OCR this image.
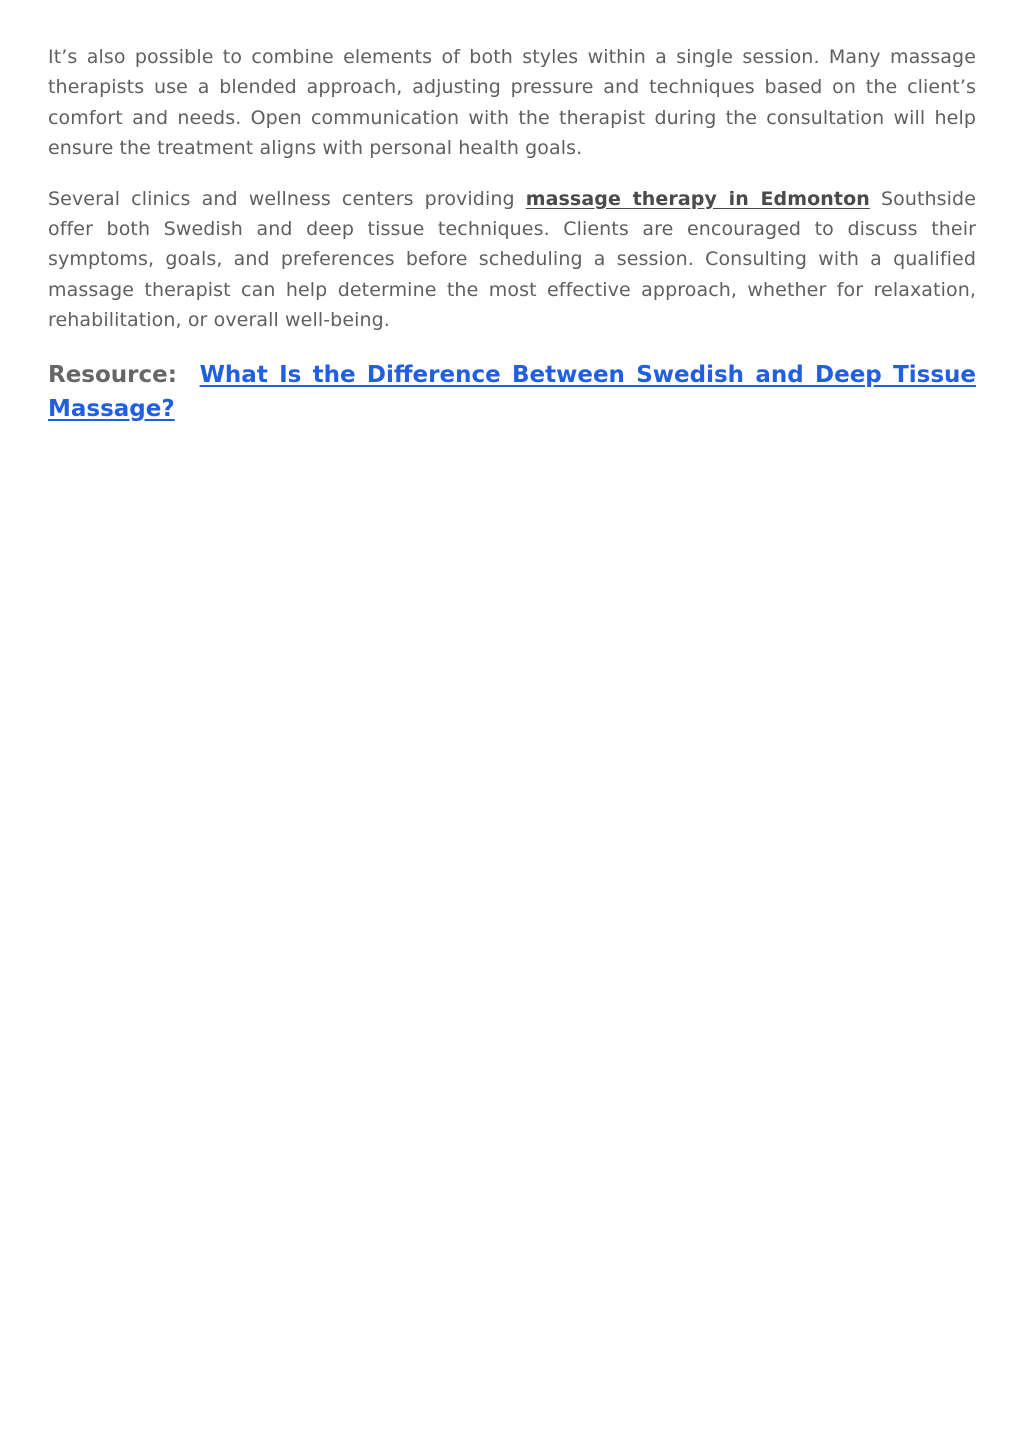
It’s also possible to combine elements of both styles within a single session. Many massage therapists use a blended approach, adjusting pressure and techniques based on the client’s comfort and needs. Open communication with the therapist during the consultation will help ensure the treatment aligns with personal health goals.

Several clinics and wellness centers providing massage therapy in Edmonton Southside offer both Swedish and deep tissue techniques. Clients are encouraged to discuss their symptoms, goals, and preferences before scheduling a session. Consulting with a qualified massage therapist can help determine the most effective approach, whether for relaxation, rehabilitation, or overall well-being.

Resource: What Is the Difference Between Swedish and Deep Tissue Massage?
